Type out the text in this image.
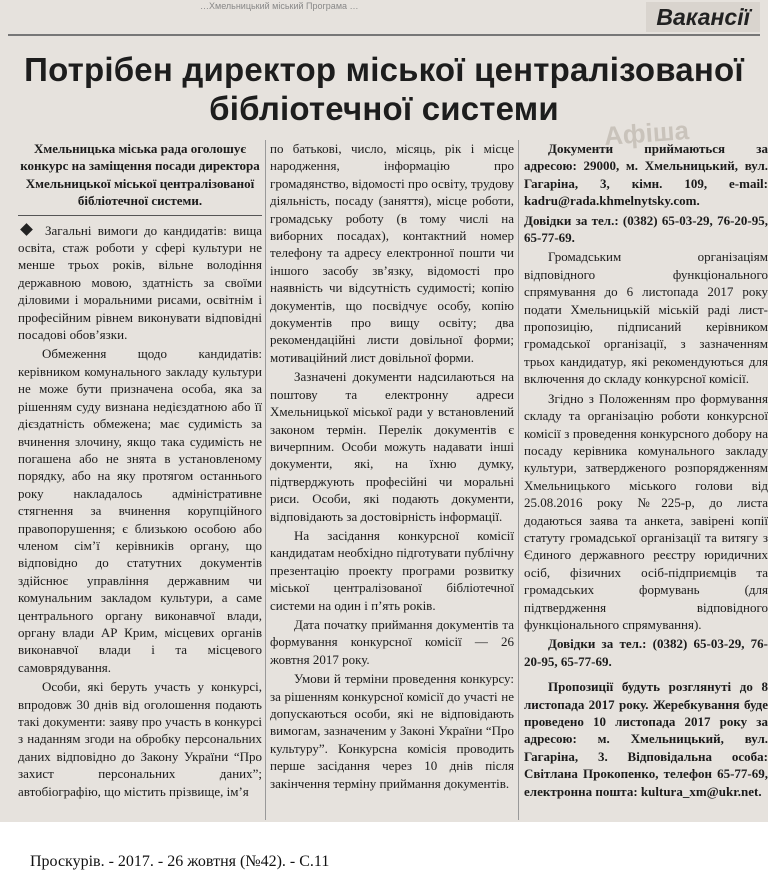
…Хмельницький міський Програма …	Вакансії
Афіша
Потрібен директор міської централізованої бібліотечної системи

Хмельницька міська рада оголошує конкурс на заміщення посади директора Хмельницької міської централізованої бібліотечної системи.

Загальні вимоги до кандидатів: вища освіта, стаж роботи у сфері культури не менше трьох років, вільне володіння державною мовою, здатність за своїми діловими і моральними рисами, освітнім і професійним рівнем виконувати відповідні посадові обов’язки.

Обмеження щодо кандидатів: керівником комунального закладу культури не може бути призначена особа, яка за рішенням суду визнана недієздатною або її дієздатність обмежена; має судимість за вчинення злочину, якщо така судимість не погашена або не знята в установленому порядку, або на яку протягом останнього року накладалось адміністративне стягнення за вчинення корупційного правопорушення; є близькою особою або членом сім’ї керівників органу, що відповідно до статутних документів здійснює управління державним чи комунальним закладом культури, а саме центрального органу виконавчої влади, органу влади АР Крим, місцевих органів виконавчої влади і та місцевого самоврядування.

Особи, які беруть участь у конкурсі, впродовж 30 днів від оголошення подають такі документи: заяву про участь в конкурсі з наданням згоди на обробку персональних даних відповідно до Закону України “Про захист персональних даних”; автобіографію, що містить прізвище, ім’я

по батькові, число, місяць, рік і місце народження, інформацію про громадянство, відомості про освіту, трудову діяльність, посаду (заняття), місце роботи, громадську роботу (в тому числі на виборних посадах), контактний номер телефону та адресу електронної пошти чи іншого засобу зв’язку, відомості про наявність чи відсутність судимості; копію документів, що посвідчує особу, копію документів про вищу освіту; два рекомендаційні листи довільної форми; мотиваційний лист довільної форми.

Зазначені документи надсилаються на поштову та електронну адреси Хмельницької міської ради у встановлений законом термін. Перелік документів є вичерпним. Особи можуть надавати інші документи, які, на їхню думку, підтверджують професійні чи моральні риси. Особи, які подають документи, відповідають за достовірність інформації.

На засідання конкурсної комісії кандидатам необхідно підготувати публічну презентацію проекту програми розвитку міської централізованої бібліотечної системи на один і п’ять років.

Дата початку приймання документів та формування конкурсної комісії — 26 жовтня 2017 року.

Умови й терміни проведення конкурсу: за рішенням конкурсної комісії до участі не допускаються особи, які не відповідають вимогам, зазначеним у Законі України “Про культуру”. Конкурсна комісія проводить перше засідання через 10 днів після закінчення терміну приймання документів.

Документи приймаються за адресою: 29000, м. Хмельницький, вул. Гагаріна, 3, кімн. 109, e-mail: kadru@rada.khmelnytsky.com.

Довідки за тел.: (0382) 65-03-29, 76-20-95, 65-77-69.

Громадським організаціям відповідного функціонального спрямування до 6 листопада 2017 року подати Хмельницькій міській раді лист-пропозицію, підписаний керівником громадської організації, з зазначенням трьох кандидатур, які рекомендуються для включення до складу конкурсної комісії.

Згідно з Положенням про формування складу та організацію роботи конкурсної комісії з проведення конкурсного добору на посаду керівника комунального закладу культури, затвердженого розпорядженням Хмельницького міського голови від 25.08.2016 року №225-р, до листа додаються заява та анкета, завірені копії статуту громадської організації та витягу з Єдиного державного реєстру юридичних осіб, фізичних осіб-підприємців та громадських формувань (для підтвердження відповідного функціонального спрямування).

Довідки за тел.: (0382) 65-03-29, 76-20-95, 65-77-69.

Пропозиції будуть розглянуті до 8 листопада 2017 року. Жеребкування буде проведено 10 листопада 2017 року за адресою: м. Хмельницький, вул. Гагаріна, 3. Відповідальна особа: Світлана Прокопенко, телефон 65-77-69, електронна пошта: kultura_xm@ukr.net.

Проскурів. - 2017. - 26 жовтня (№42). - С.11
